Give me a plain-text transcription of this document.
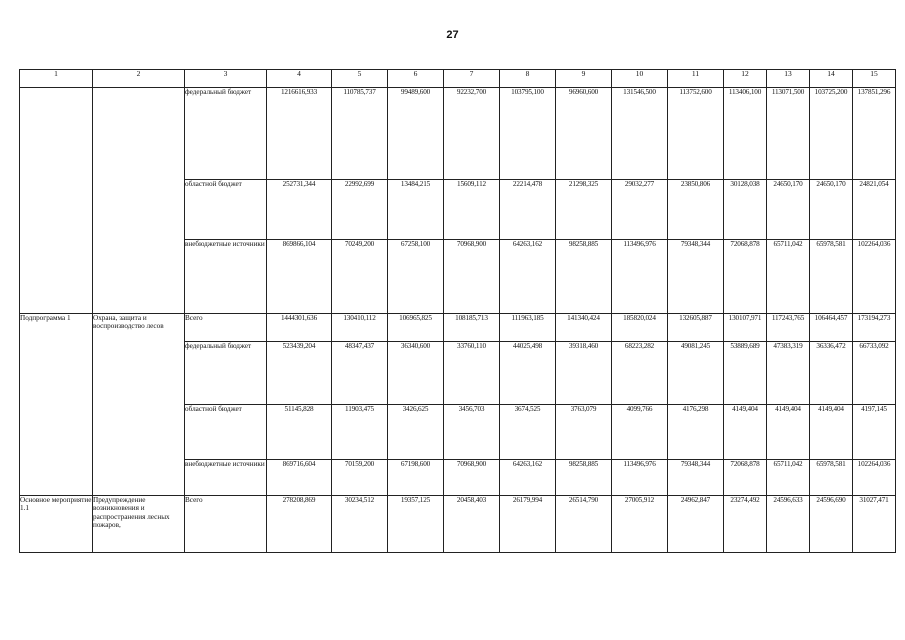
27
1	2	3	4	5	6	7	8	9	10	11	12	13	14	15
		федеральный бюджет	1216616,933	110785,737	99489,600	92232,700	103795,100	96960,600	131546,500	113752,600	113406,100	113071,500	103725,200	137851,296
		областной бюджет	252731,344	22992,699	13484,215	15609,112	22214,478	21298,325	29032,277	23850,806	30128,038	24650,170	24650,170	24821,054
		внебюджетные источники	869866,104	70249,200	67258,100	70968,900	64263,162	98258,885	113496,976	79348,344	72068,878	65711,042	65978,581	102264,036
Подпрограмма 1	Охрана, защита и воспроизводство лесов	Всего	1444301,636	130410,112	106965,825	108185,713	111963,185	141340,424	185820,024	132605,887	130107,971	117243,765	106464,457	173194,273
		федеральный бюджет	523439,204	48347,437	36340,600	33760,110	44025,498	39318,460	68223,282	49081,245	53889,689	47383,319	36336,472	66733,092
		областной бюджет	51145,828	11903,475	3426,625	3456,703	3674,525	3763,079	4099,766	4176,298	4149,404	4149,404	4149,404	4197,145
		внебюджетные источники	869716,604	70159,200	67198,600	70968,900	64263,162	98258,885	113496,976	79348,344	72068,878	65711,042	65978,581	102264,036
Основное мероприятие 1.1	Предупреждение возникновения и распространения лесных пожаров,	Всего	278208,869	30234,512	19357,125	20458,403	26179,994	26514,790	27005,912	24962,847	23274,492	24596,633	24596,690	31027,471
